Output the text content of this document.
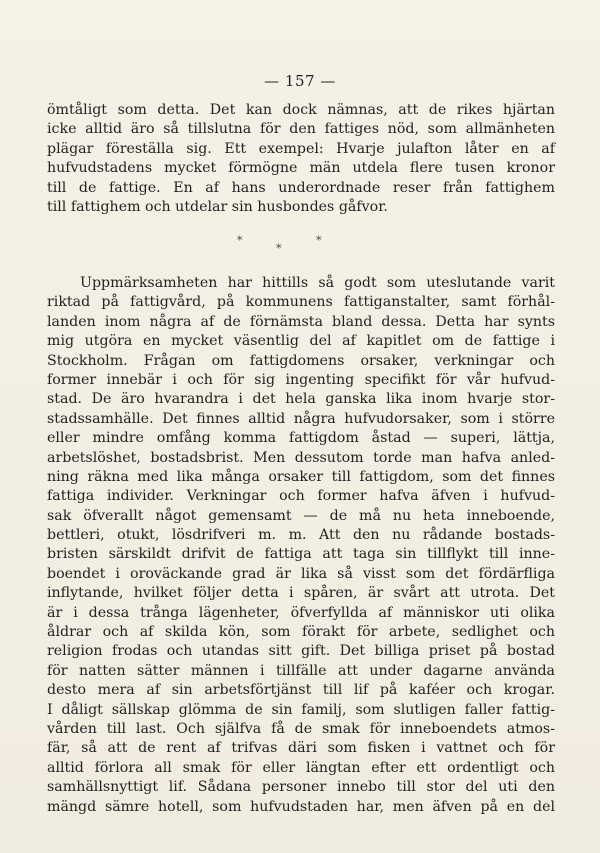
— 157 —
ömtåligt som detta. Det kan dock nämnas, att de rikes hjärtan
icke alltid äro så tillslutna för den fattiges nöd, som allmänheten
plägar föreställa sig. Ett exempel: Hvarje julafton låter en af
hufvudstadens mycket förmögne män utdela flere tusen kronor
till de fattige. En af hans underordnade reser från fattighem
till fattighem och utdelar sin husbondes gåfvor.
*	*
*
Uppmärksamheten har hittills så godt som uteslutande varit
riktad på fattigvård, på kommunens fattiganstalter, samt förhål-
landen inom några af de förnämsta bland dessa. Detta har synts
mig utgöra en mycket väsentlig del af kapitlet om de fattige i
Stockholm. Frågan om fattigdomens orsaker, verkningar och
former innebär i och för sig ingenting specifikt för vår hufvud-
stad. De äro hvarandra i det hela ganska lika inom hvarje stor-
stadssamhälle. Det finnes alltid några hufvudorsaker, som i större
eller mindre omfång komma fattigdom åstad — superi, lättja,
arbetslöshet, bostadsbrist. Men dessutom torde man hafva anled-
ning räkna med lika många orsaker till fattigdom, som det finnes
fattiga individer. Verkningar och former hafva äfven i hufvud-
sak öfverallt något gemensamt — de må nu heta inneboende,
bettleri, otukt, lösdrifveri m. m. Att den nu rådande bostads-
bristen särskildt drifvit de fattiga att taga sin tillflykt till inne-
boendet i oroväckande grad är lika så visst som det fördärfliga
inflytande, hvilket följer detta i spåren, är svårt att utrota. Det
är i dessa trånga lägenheter, öfverfyllda af människor uti olika
åldrar och af skilda kön, som förakt för arbete, sedlighet och
religion frodas och utandas sitt gift. Det billiga priset på bostad
för natten sätter männen i tillfälle att under dagarne använda
desto mera af sin arbetsförtjänst till lif på kaféer och krogar.
I dåligt sällskap glömma de sin familj, som slutligen faller fattig-
vården till last. Och själfva få de smak för inneboendets atmos-
fär, så att de rent af trifvas däri som fisken i vattnet och för
alltid förlora all smak för eller längtan efter ett ordentligt och
samhällsnyttigt lif. Sådana personer innebo till stor del uti den
mängd sämre hotell, som hufvudstaden har, men äfven på en del
